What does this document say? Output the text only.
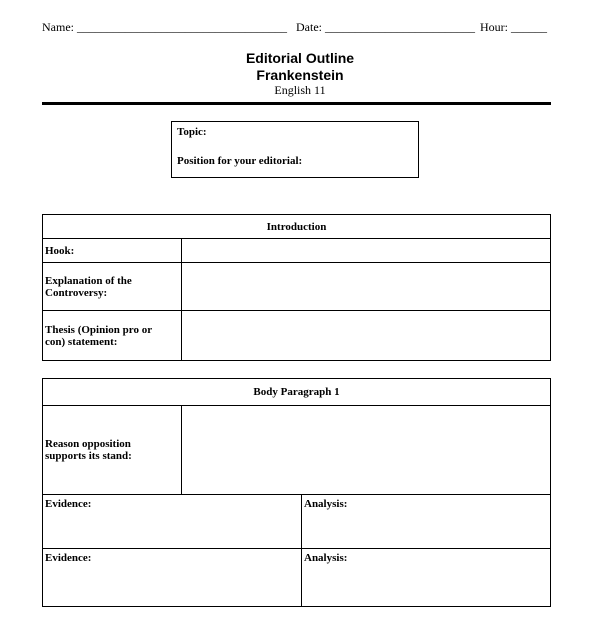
Name: ___________________________________ Date: _________________________ Hour: ______
Editorial Outline
Frankenstein
English 11
Topic:
Position for your editorial:
Introduction	
Hook:	

Explanation of the
Controversy:	

Thesis (Opinion pro or
con) statement:	

Body Paragraph 1		

Reason opposition
supports its stand:		

Evidence:		Analysis:
Evidence:		Analysis:
